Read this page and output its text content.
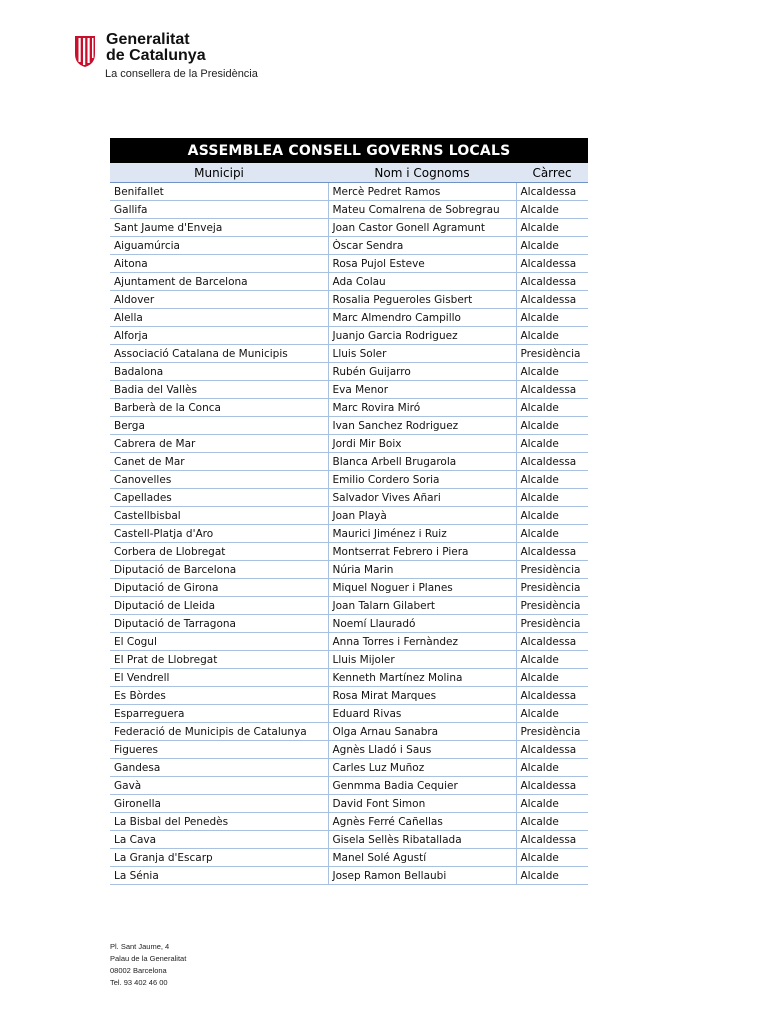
Generalitat
de Catalunya
La consellera de la Presidència
ASSEMBLEA CONSELL GOVERNS LOCALS		
Municipi	Nom i Cognoms	Càrrec
Benifallet	Mercè Pedret Ramos	Alcaldessa
Gallifa	Mateu Comalrena de Sobregrau	Alcalde
Sant Jaume d'Enveja	Joan Castor Gonell Agramunt	Alcalde
Aiguamúrcia	Òscar Sendra	Alcalde
Aitona	Rosa Pujol Esteve	Alcaldessa
Ajuntament de Barcelona	Ada Colau	Alcaldessa
Aldover	Rosalia Pegueroles Gisbert	Alcaldessa
Alella	Marc Almendro Campillo	Alcalde
Alforja	Juanjo Garcia Rodriguez	Alcalde
Associació Catalana de Municipis	Lluis Soler	Presidència
Badalona	Rubén Guijarro	Alcalde
Badia del Vallès	Eva Menor	Alcaldessa
Barberà de la Conca	Marc Rovira Miró	Alcalde
Berga	Ivan Sanchez Rodriguez	Alcalde
Cabrera de Mar	Jordi Mir Boix	Alcalde
Canet de Mar	Blanca Arbell Brugarola	Alcaldessa
Canovelles	Emilio Cordero Soria	Alcalde
Capellades	Salvador Vives Añari	Alcalde
Castellbisbal	Joan Playà	Alcalde
Castell-Platja d'Aro	Maurici Jiménez i Ruiz	Alcalde
Corbera de Llobregat	Montserrat Febrero i Piera	Alcaldessa
Diputació de Barcelona	Núria Marin	Presidència
Diputació de Girona	Miquel Noguer i Planes	Presidència
Diputació de Lleida	Joan Talarn Gilabert	Presidència
Diputació de Tarragona	Noemí Llauradó	Presidència
El Cogul	Anna Torres i Fernàndez	Alcaldessa
El Prat de Llobregat	Lluis Mijoler	Alcalde
El Vendrell	Kenneth Martínez Molina	Alcalde
Es Bòrdes	Rosa Mirat Marques	Alcaldessa
Esparreguera	Eduard Rivas	Alcalde
Federació de Municipis de Catalunya	Olga Arnau Sanabra	Presidència
Figueres	Agnès Lladó i Saus	Alcaldessa
Gandesa	Carles Luz Muñoz	Alcalde
Gavà	Genmma Badia Cequier	Alcaldessa
Gironella	David Font Simon	Alcalde
La Bisbal del Penedès	Agnès Ferré Cañellas	Alcalde
La Cava	Gisela Sellès Ribatallada	Alcaldessa
La Granja d'Escarp	Manel Solé Agustí	Alcalde
La Sénia	Josep Ramon Bellaubi	Alcalde
Pl. Sant Jaume, 4
Palau de la Generalitat
08002 Barcelona
Tel. 93 402 46 00
